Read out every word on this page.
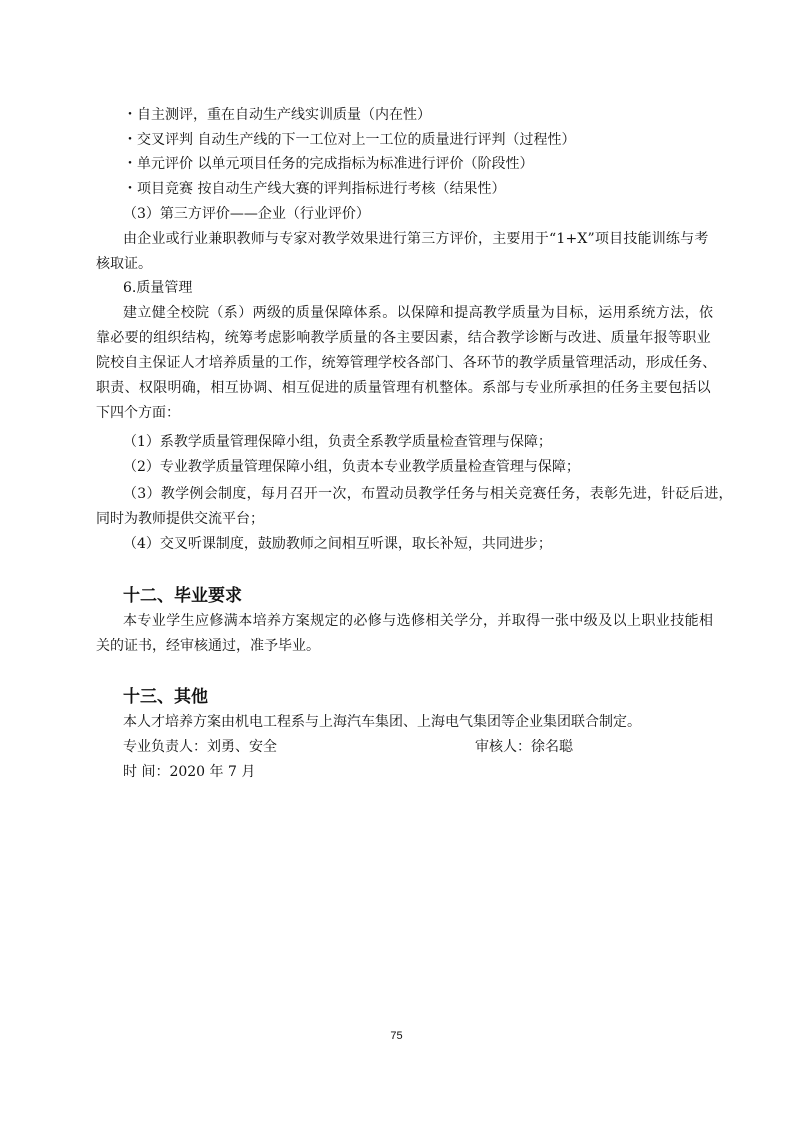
・自主测评，重在自动生产线实训质量（内在性）
・交叉评判 自动生产线的下一工位对上一工位的质量进行评判（过程性）
・单元评价 以单元项目任务的完成指标为标准进行评价（阶段性）
・项目竞赛 按自动生产线大赛的评判指标进行考核（结果性）
（3）第三方评价——企业（行业评价）
由企业或行业兼职教师与专家对教学效果进行第三方评价，主要用于“1+X”项目技能训练与考
核取证。
6.质量管理
建立健全校院（系）两级的质量保障体系。以保障和提高教学质量为目标，运用系统方法，依
靠必要的组织结构，统筹考虑影响教学质量的各主要因素，结合教学诊断与改进、质量年报等职业
院校自主保证人才培养质量的工作，统筹管理学校各部门、各环节的教学质量管理活动，形成任务、
职责、权限明确，相互协调、相互促进的质量管理有机整体。系部与专业所承担的任务主要包括以
下四个方面：
（1）系教学质量管理保障小组，负责全系教学质量检查管理与保障；
（2）专业教学质量管理保障小组，负责本专业教学质量检查管理与保障；
（3）教学例会制度，每月召开一次，布置动员教学任务与相关竞赛任务，表彰先进，针砭后进，
同时为教师提供交流平台；
（4）交叉听课制度，鼓励教师之间相互听课，取长补短，共同进步；
十二、毕业要求
本专业学生应修满本培养方案规定的必修与选修相关学分，并取得一张中级及以上职业技能相
关的证书，经审核通过，准予毕业。
十三、其他
本人才培养方案由机电工程系与上海汽车集团、上海电气集团等企业集团联合制定。
专业负责人：刘勇、安全	审核人：徐名聪
时 间：2020 年 7 月
75
